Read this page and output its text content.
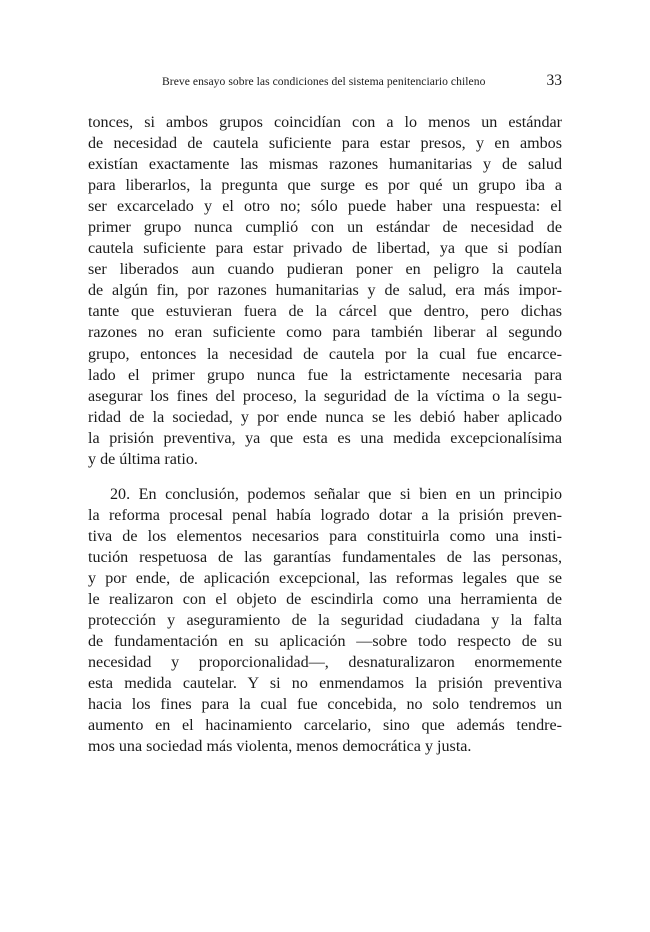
Breve ensayo sobre las condiciones del sistema penitenciario chileno	33

tonces, si ambos grupos coincidían con a lo menos un estándar
de necesidad de cautela suficiente para estar presos, y en ambos
existían exactamente las mismas razones humanitarias y de salud
para liberarlos, la pregunta que surge es por qué un grupo iba a
ser excarcelado y el otro no; sólo puede haber una respuesta: el
primer grupo nunca cumplió con un estándar de necesidad de
cautela suficiente para estar privado de libertad, ya que si podían
ser liberados aun cuando pudieran poner en peligro la cautela
de algún fin, por razones humanitarias y de salud, era más impor-
tante que estuvieran fuera de la cárcel que dentro, pero dichas
razones no eran suficiente como para también liberar al segundo
grupo, entonces la necesidad de cautela por la cual fue encarce-
lado el primer grupo nunca fue la estrictamente necesaria para
asegurar los fines del proceso, la seguridad de la víctima o la segu-
ridad de la sociedad, y por ende nunca se les debió haber aplicado
la prisión preventiva, ya que esta es una medida excepcionalísima
y de última ratio.

20. En conclusión, podemos señalar que si bien en un principio
la reforma procesal penal había logrado dotar a la prisión preven-
tiva de los elementos necesarios para constituirla como una insti-
tución respetuosa de las garantías fundamentales de las personas,
y por ende, de aplicación excepcional, las reformas legales que se
le realizaron con el objeto de escindirla como una herramienta de
protección y aseguramiento de la seguridad ciudadana y la falta
de fundamentación en su aplicación —sobre todo respecto de su
necesidad y proporcionalidad—, desnaturalizaron enormemente
esta medida cautelar. Y si no enmendamos la prisión preventiva
hacia los fines para la cual fue concebida, no solo tendremos un
aumento en el hacinamiento carcelario, sino que además tendre-
mos una sociedad más violenta, menos democrática y justa.
